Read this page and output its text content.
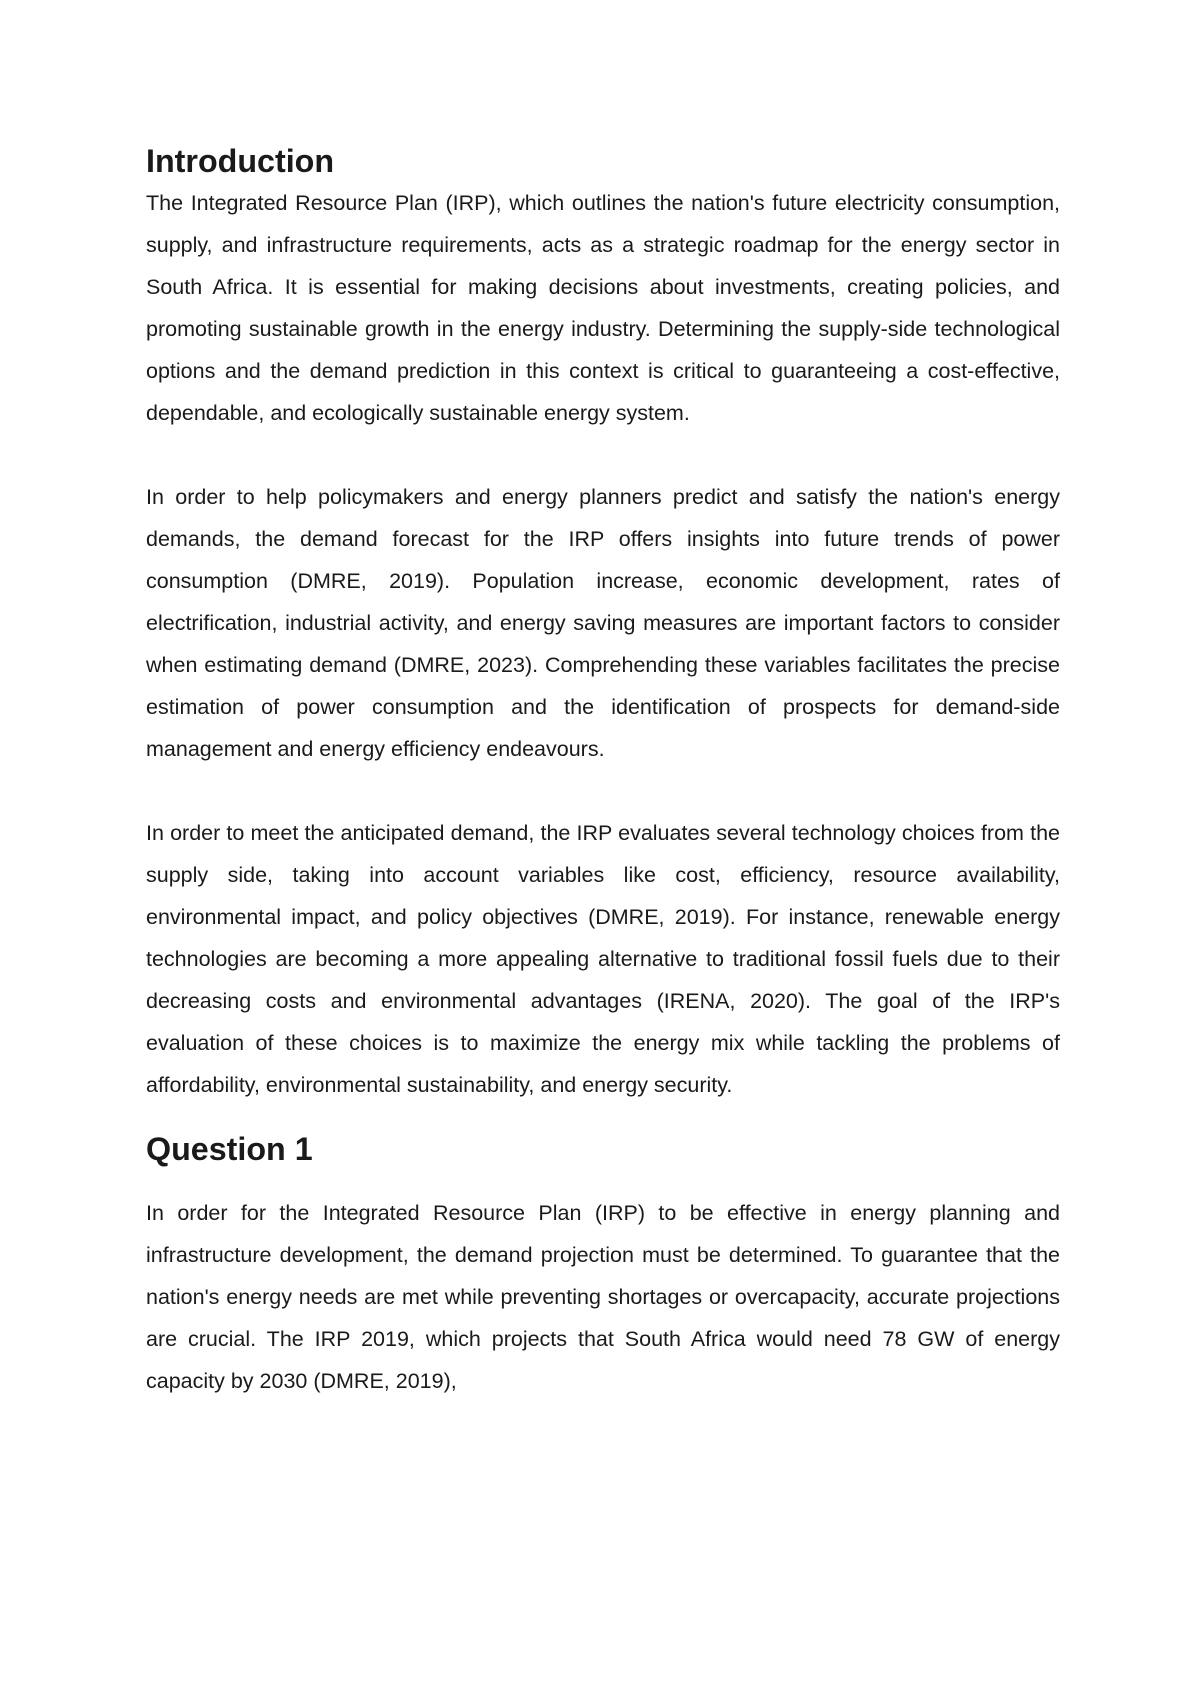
Introduction

The Integrated Resource Plan (IRP), which outlines the nation's future electricity consumption, supply, and infrastructure requirements, acts as a strategic roadmap for the energy sector in South Africa. It is essential for making decisions about investments, creating policies, and promoting sustainable growth in the energy industry. Determining the supply-side technological options and the demand prediction in this context is critical to guaranteeing a cost-effective, dependable, and ecologically sustainable energy system.

In order to help policymakers and energy planners predict and satisfy the nation's energy demands, the demand forecast for the IRP offers insights into future trends of power consumption (DMRE, 2019). Population increase, economic development, rates of electrification, industrial activity, and energy saving measures are important factors to consider when estimating demand (DMRE, 2023). Comprehending these variables facilitates the precise estimation of power consumption and the identification of prospects for demand-side management and energy efficiency endeavours.

In order to meet the anticipated demand, the IRP evaluates several technology choices from the supply side, taking into account variables like cost, efficiency, resource availability, environmental impact, and policy objectives (DMRE, 2019). For instance, renewable energy technologies are becoming a more appealing alternative to traditional fossil fuels due to their decreasing costs and environmental advantages (IRENA, 2020). The goal of the IRP's evaluation of these choices is to maximize the energy mix while tackling the problems of affordability, environmental sustainability, and energy security.

Question 1

In order for the Integrated Resource Plan (IRP) to be effective in energy planning and infrastructure development, the demand projection must be determined. To guarantee that the nation's energy needs are met while preventing shortages or overcapacity, accurate projections are crucial. The IRP 2019, which projects that South Africa would need 78 GW of energy capacity by 2030 (DMRE, 2019),
